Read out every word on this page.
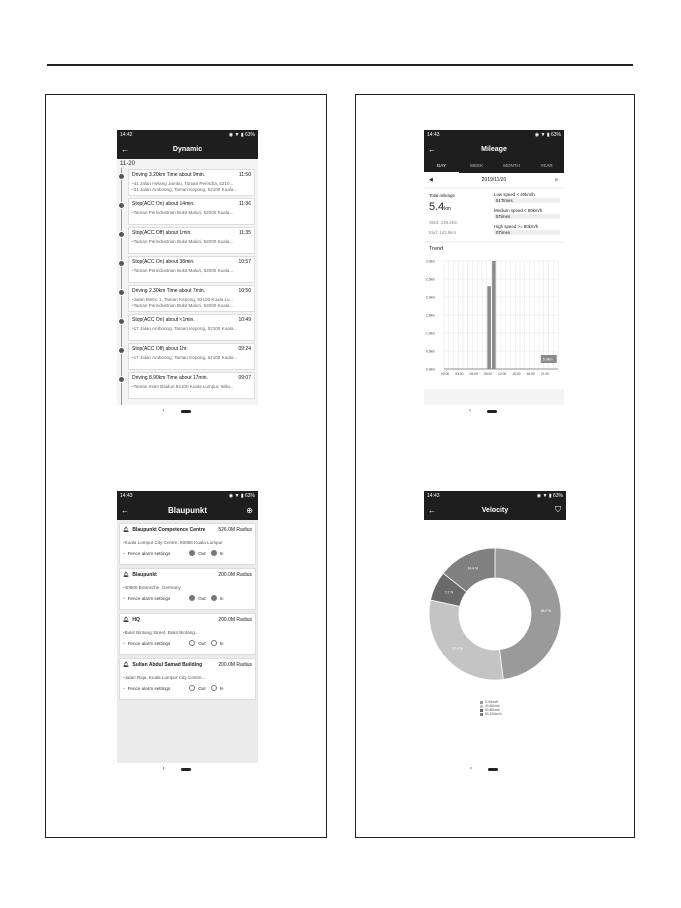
14:42	◉ ▼ ▮ 63%
←	Dynamic
11-20
Driving 3.20km Time about 9min.	11:50
• 41 Jalan Helang Jambu, Taman Perindra, 5210...
• 31 Jalan Amboong, Taman Kepong, 52100 Kuala...
Stop(ACC On) about 14min.	11:36
• Taman Perindustrian Bukit Maluri, 52000 Kuala...
Stop(ACC Off) about 1min.	11:35
• Taman Perindustrian Bukit Maluri, 52000 Kuala...
Stop(ACC On) about 38min.	10:57
• Taman Perindustrian Bukit Maluri, 52000 Kuala...
Driving 2.30km Time about 7min.	10:50
• Jalan Metro 1, Taman Kepong, 52100 Kuala Lu...
• Taman Perindustrian Bukit Maluri, 52000 Kuala...
Stop(ACC On) about <1min.	10:49
• 17 Jalan Amboong, Taman Kepong, 52100 Kuala...
Stop(ACC Off) about 1hr.	09:24
• 17 Jalan Amboong, Taman Kepong, 52100 Kuala...
Driving 8.90km Time about 17min.	09:07
• Taman Intan Baiduri 52100 Kuala Lumpur, Wila...
‹
14:43	◉ ▼ ▮ 63%
←	Mileage
DAY	WEEK	MONTH	YEAR
◀	2019/11/20	▶
Total mileage
5.4km
Start: 138.2km
End: 143.6km
Low speed < 40km/h
51Times
Medium speed < 80km/h
5Times
High speed >= 80km/h
0Times
Trend
0.0km
0.5km
1.0km
1.5km
2.0km
2.5km
3.0km
00:00 03:00 06:00 09:00 12:00 15:00 18:00 21:00
5.0km
‹
14:43	◉ ▼ ▮ 63%
←	Blaupunkt	⊕
🔔︎ Blaupunkt Competence Centre	526.0M Radius
• Kuala Lumpur City Centre, 50088 Kuala Lumpur
• Fence alarm settings	Out	In
🔔︎ Blaupunkt	200.0M Radius
• 40880 Bramsche, Germany
• Fence alarm settings	Out	In
🔔︎ HQ	200.0M Radius
• Bukit Bintang Street, Bukit Bintang...
• Fence alarm settings	Out	In
🔔︎ Sultan Abdul Samad Building	200.0M Radius
• Jalan Raja, Kuala Lumpur City Centre...
• Fence alarm settings	Out	In
‹
14:43	◉ ▼ ▮ 63%
←	Velocity	⛉
48.0 %
30.4 %
7.2 %
14.4 %
0-40km/h
40-60km/h
60-80km/h
80-100km/h
‹
